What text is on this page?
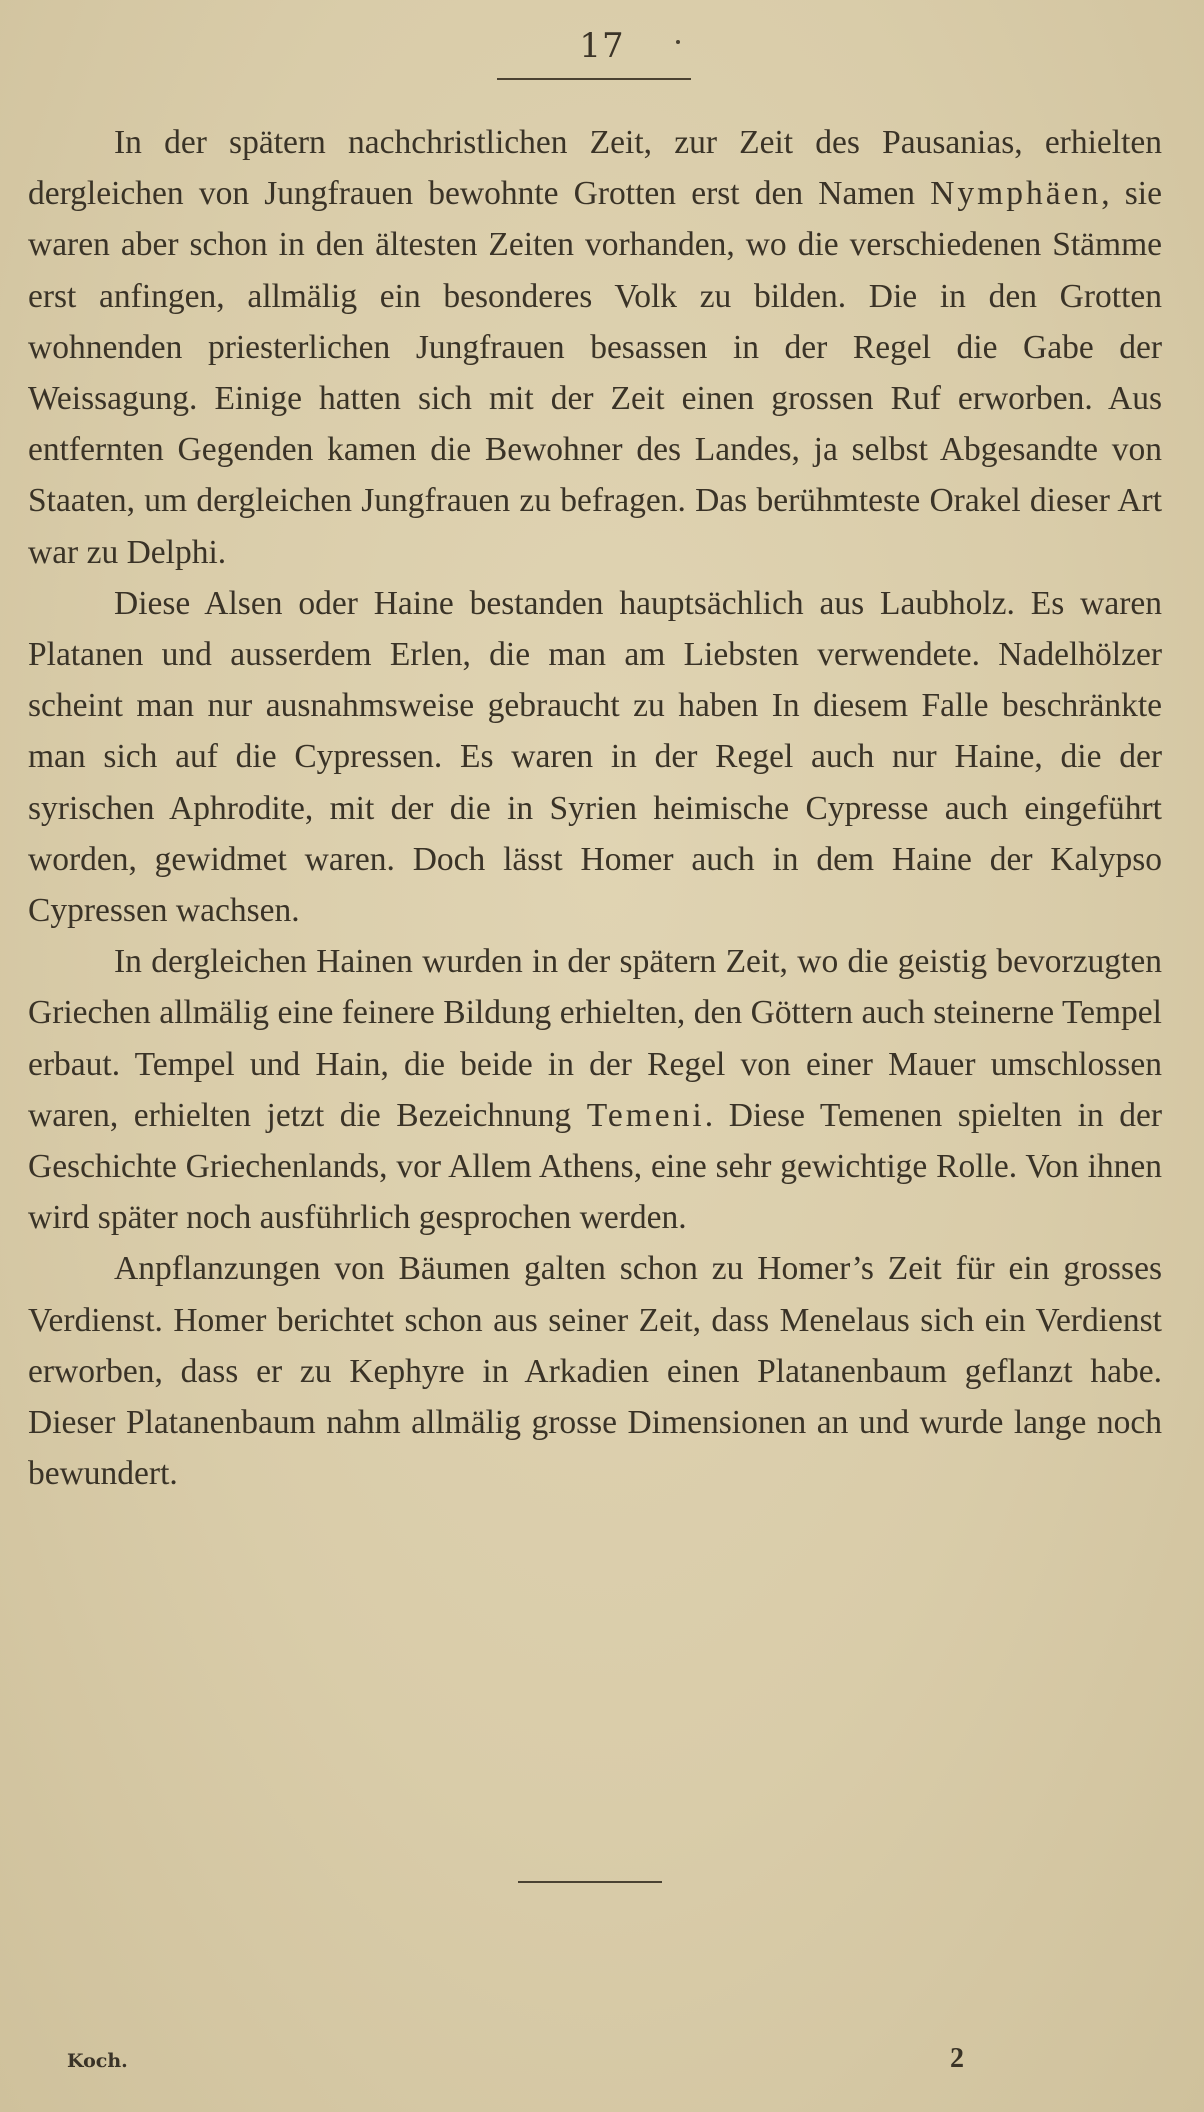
17

In der spätern nachchristlichen Zeit, zur Zeit des Pausanias, erhielten dergleichen von Jungfrauen bewohnte Grotten erst den Namen Nymphäen, sie waren aber schon in den ältesten Zeiten vorhanden, wo die verschiedenen Stämme erst anfingen, allmälig ein besonderes Volk zu bilden. Die in den Grotten wohnenden priesterlichen Jungfrauen besassen in der Regel die Gabe der Weissagung. Einige hatten sich mit der Zeit einen grossen Ruf erworben. Aus entfernten Gegenden kamen die Bewohner des Landes, ja selbst Abgesandte von Staaten, um dergleichen Jungfrauen zu befragen. Das berühmteste Orakel dieser Art war zu Delphi.

Diese Alsen oder Haine bestanden hauptsächlich aus Laubholz. Es waren Platanen und ausserdem Erlen, die man am Liebsten verwendete. Nadelhölzer scheint man nur ausnahmsweise gebraucht zu haben In diesem Falle beschränkte man sich auf die Cypressen. Es waren in der Regel auch nur Haine, die der syrischen Aphrodite, mit der die in Syrien heimische Cypresse auch eingeführt worden, gewidmet waren. Doch lässt Homer auch in dem Haine der Kalypso Cypressen wachsen.

In dergleichen Hainen wurden in der spätern Zeit, wo die geistig bevorzugten Griechen allmälig eine feinere Bildung erhielten, den Göttern auch steinerne Tempel erbaut. Tempel und Hain, die beide in der Regel von einer Mauer umschlossen waren, erhielten jetzt die Bezeichnung Temeni. Diese Temenen spielten in der Geschichte Griechenlands, vor Allem Athens, eine sehr gewichtige Rolle. Von ihnen wird später noch ausführlich gesprochen werden.

Anpflanzungen von Bäumen galten schon zu Homer’s Zeit für ein grosses Verdienst. Homer berichtet schon aus seiner Zeit, dass Menelaus sich ein Verdienst erworben, dass er zu Kephyre in Arkadien einen Platanenbaum geflanzt habe. Dieser Platanenbaum nahm allmälig grosse Dimensionen an und wurde lange noch bewundert.

Koch.	2
